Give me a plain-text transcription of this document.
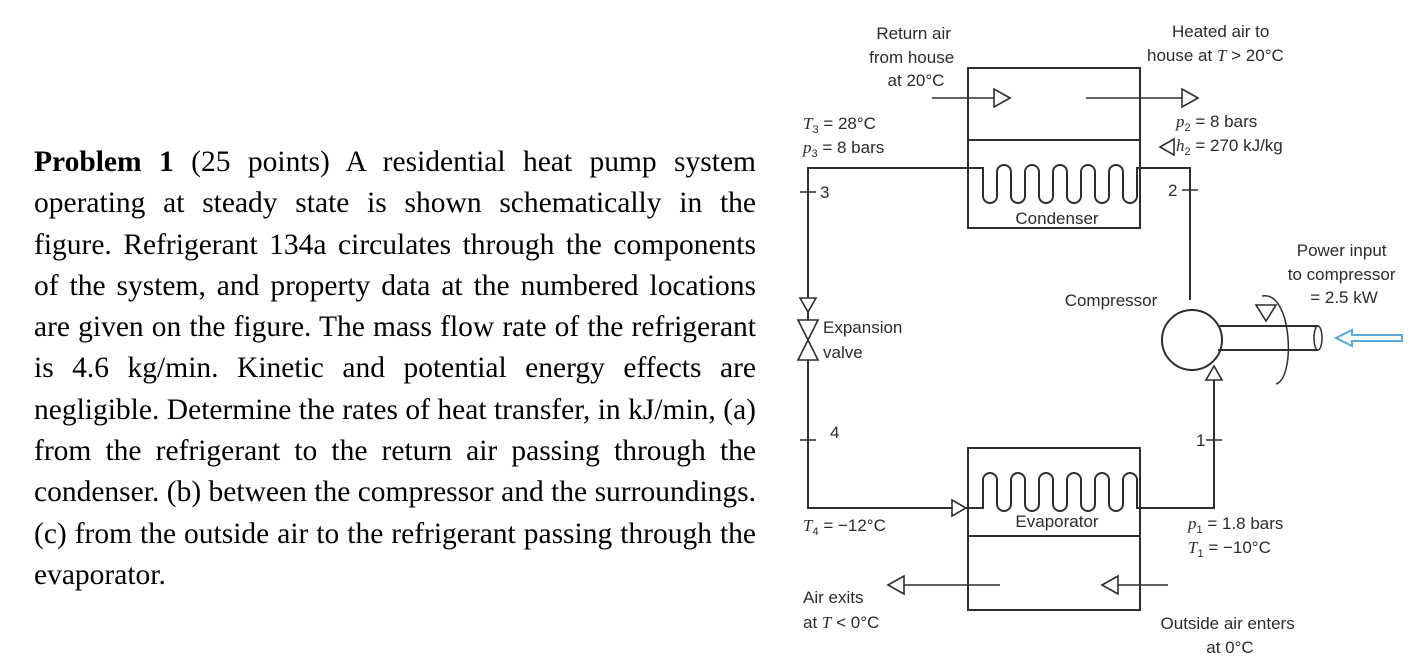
Problem 1 (25 points) A residential heat pump system operating at steady state is shown schematically in the figure. Refrigerant 134a circulates through the components of the system, and property data at the numbered locations are given on the figure. The mass flow rate of the refrigerant is 4.6 kg/min. Kinetic and potential energy effects are negligible. Determine the rates of heat transfer, in kJ/min, (a) from the refrigerant to the return air passing through the condenser. (b) between the compressor and the surroundings. (c) from the outside air to the refrigerant passing through the evaporator.
Condenser
Evaporator
Compressor
3
4
2
1
Return air from house at 20°C
Heated air to house at T > 20°C
$T_3 = 28^\circ C$
$p_3 = 8$ bars
$p_2 = 8$ bars
$h_2 = 270$ kJ/kg
Power input to compressor = 2.5 kW
Expansion valve
$T_4 = -12^\circ C$	$p_1 = 1.8$ bars
$T_1 = -10^\circ C$
Air exits at T < 0°C	Outside air enters at 0°C
